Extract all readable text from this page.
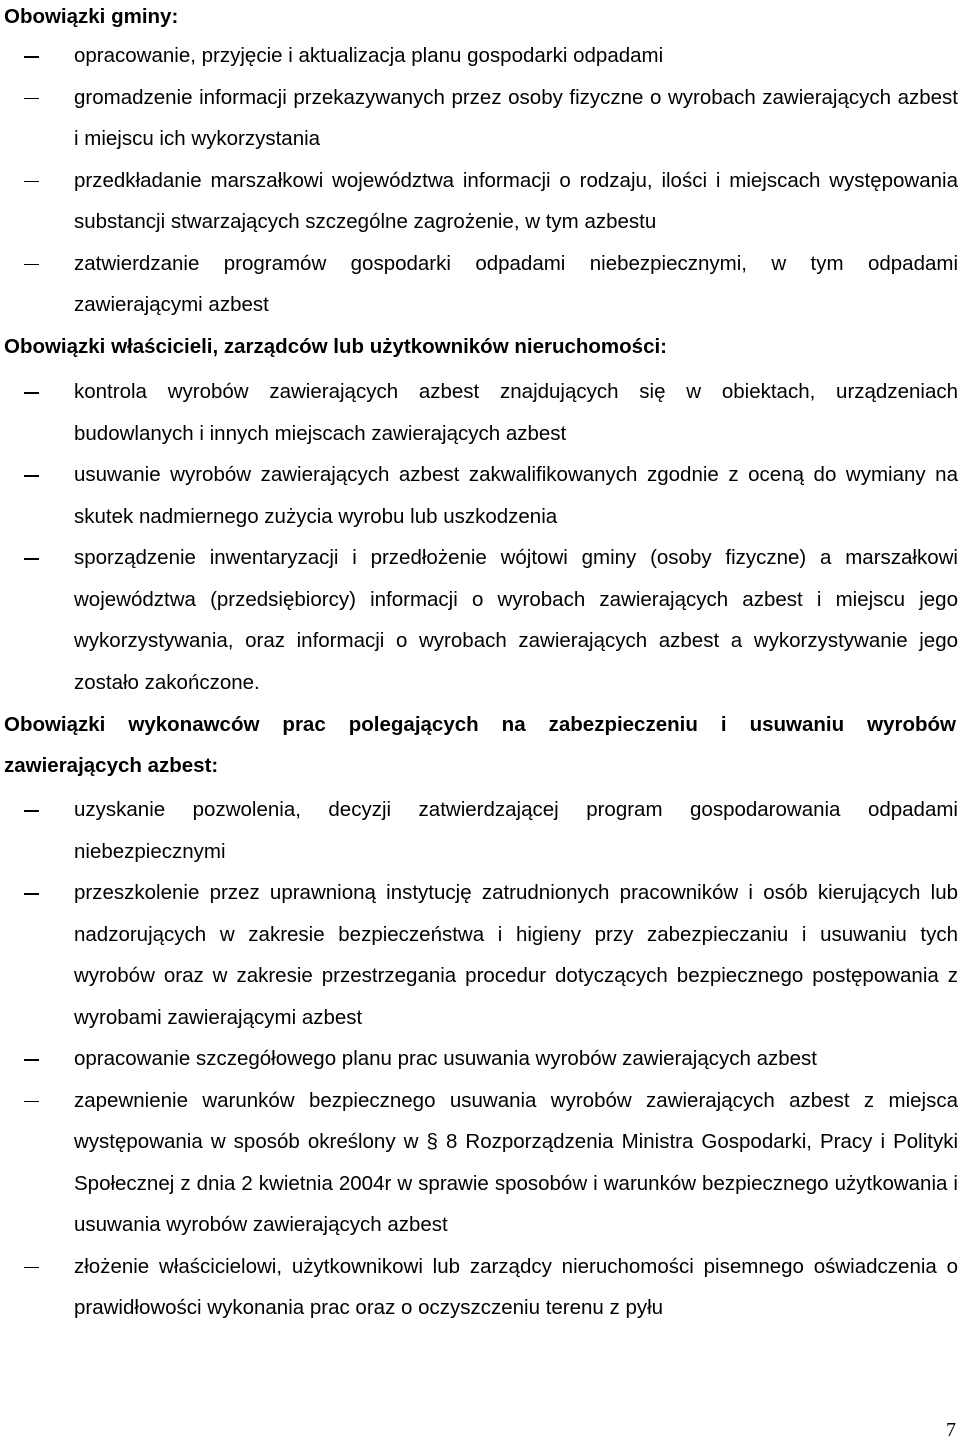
Obowiązki gminy:
opracowanie, przyjęcie i aktualizacja planu gospodarki odpadami
gromadzenie informacji przekazywanych przez osoby fizyczne o wyrobach zawierających azbest i miejscu ich wykorzystania
przedkładanie marszałkowi województwa informacji o rodzaju, ilości i miejscach występowania substancji stwarzających szczególne zagrożenie, w tym azbestu
zatwierdzanie programów gospodarki odpadami niebezpiecznymi, w tym odpadami zawierającymi azbest
Obowiązki właścicieli, zarządców lub użytkowników nieruchomości:
kontrola wyrobów zawierających azbest znajdujących się w obiektach, urządzeniach budowlanych i innych miejscach zawierających azbest
usuwanie wyrobów zawierających azbest zakwalifikowanych zgodnie z oceną do wymiany na skutek nadmiernego zużycia wyrobu lub uszkodzenia
sporządzenie inwentaryzacji i przedłożenie wójtowi gminy (osoby fizyczne) a marszałkowi województwa (przedsiębiorcy) informacji o wyrobach zawierających azbest i miejscu jego wykorzystywania, oraz informacji o wyrobach zawierających azbest a wykorzystywanie jego zostało zakończone.
Obowiązki wykonawców prac polegających na zabezpieczeniu i usuwaniu wyrobów zawierających azbest:
uzyskanie pozwolenia, decyzji zatwierdzającej program gospodarowania odpadami niebezpiecznymi
przeszkolenie przez uprawnioną instytucję zatrudnionych pracowników i osób kierujących lub nadzorujących w zakresie bezpieczeństwa i higieny przy zabezpieczaniu i usuwaniu tych wyrobów oraz w zakresie przestrzegania procedur dotyczących bezpiecznego postępowania z wyrobami zawierającymi azbest
opracowanie szczegółowego planu prac usuwania wyrobów zawierających azbest
zapewnienie warunków bezpiecznego usuwania wyrobów zawierających azbest z miejsca występowania w sposób określony w § 8 Rozporządzenia Ministra Gospodarki, Pracy i Polityki Społecznej z dnia 2 kwietnia 2004r w sprawie sposobów i warunków bezpiecznego użytkowania i usuwania wyrobów zawierających azbest
złożenie właścicielowi, użytkownikowi lub zarządcy nieruchomości pisemnego oświadczenia o prawidłowości wykonania prac oraz o oczyszczeniu terenu z pyłu
7
